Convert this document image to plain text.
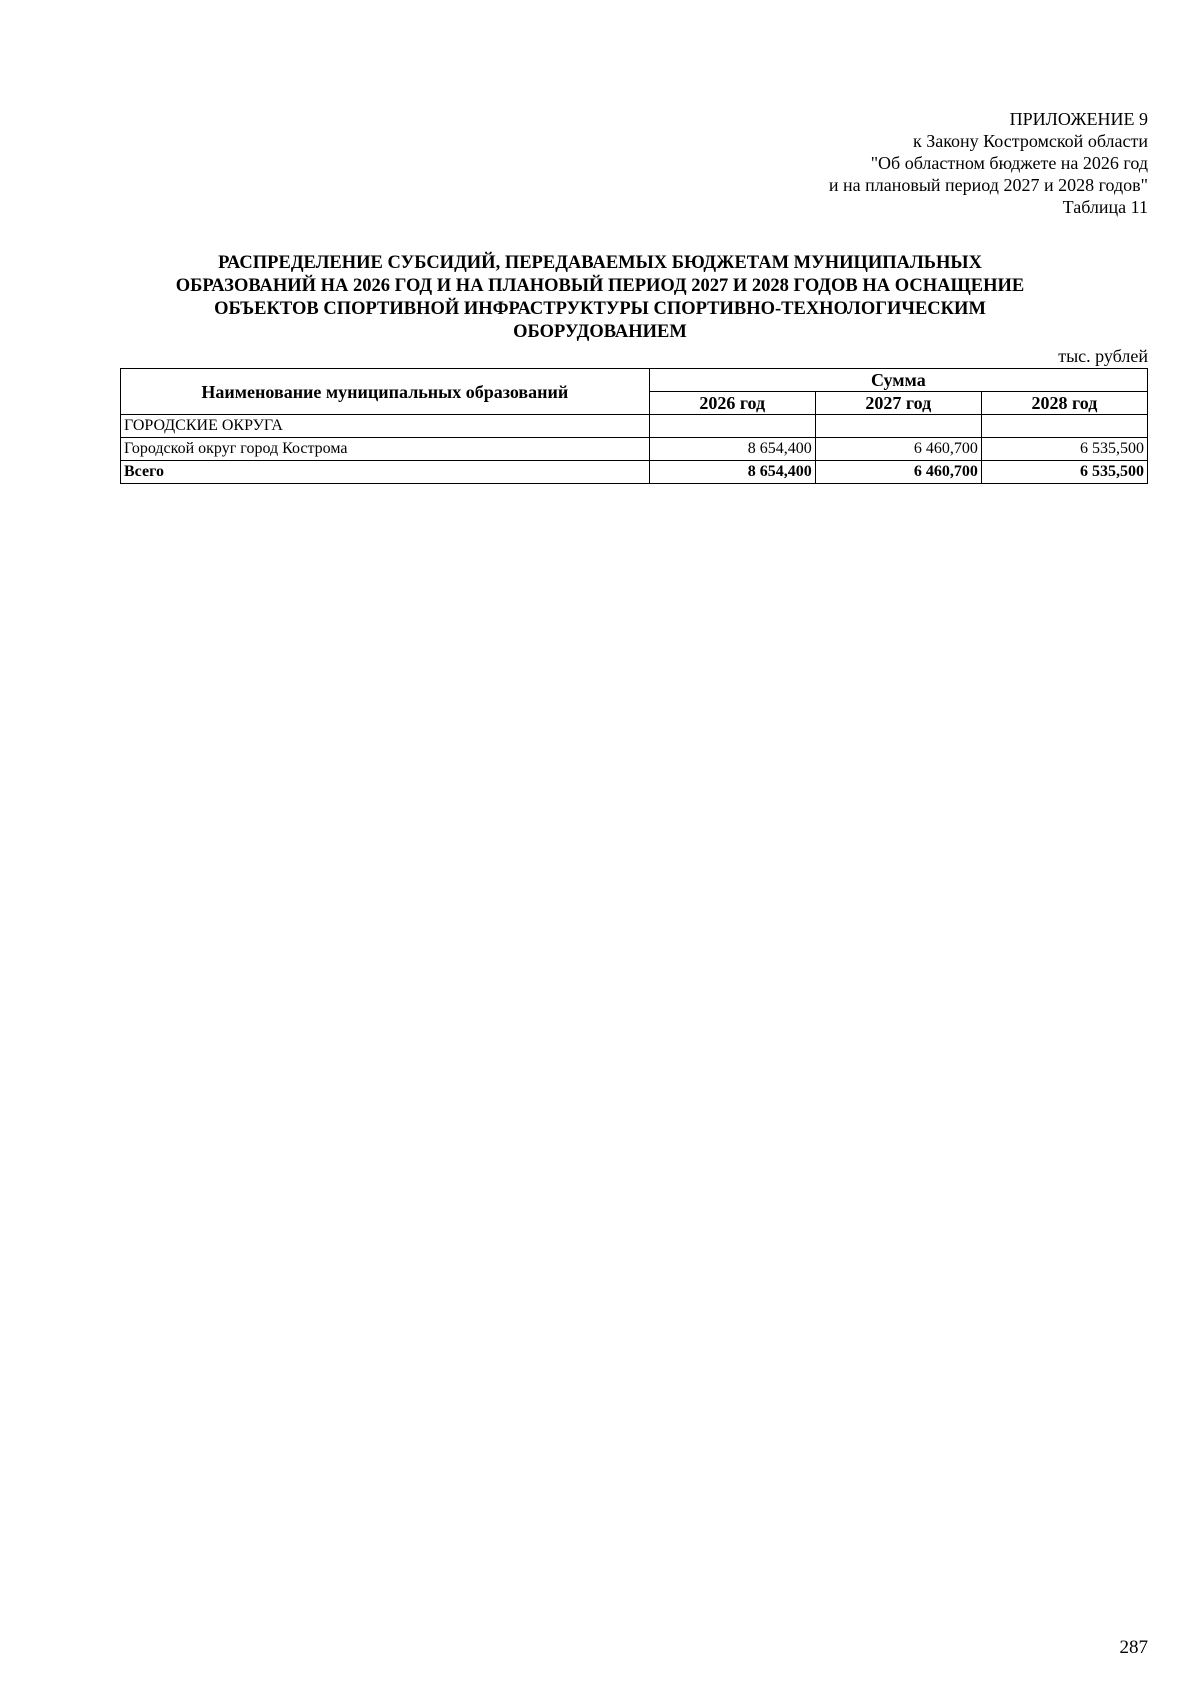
ПРИЛОЖЕНИЕ 9
к Закону Костромской области
"Об областном бюджете на 2026 год
и на плановый период 2027 и 2028 годов"
Таблица 11
РАСПРЕДЕЛЕНИЕ СУБСИДИЙ, ПЕРЕДАВАЕМЫХ БЮДЖЕТАМ МУНИЦИПАЛЬНЫХ
ОБРАЗОВАНИЙ НА 2026 ГОД И НА ПЛАНОВЫЙ ПЕРИОД 2027 И 2028 ГОДОВ НА ОСНАЩЕНИЕ
ОБЪЕКТОВ СПОРТИВНОЙ ИНФРАСТРУКТУРЫ СПОРТИВНО-ТЕХНОЛОГИЧЕСКИМ
ОБОРУДОВАНИЕМ
тыс. рублей
Наименование муниципальных образований	Сумма		
	2026 год	2027 год	2028 год
ГОРОДСКИЕ ОКРУГА			
Городской округ город Кострома	8 654,400	6 460,700	6 535,500
Всего	8 654,400	6 460,700	6 535,500
287
